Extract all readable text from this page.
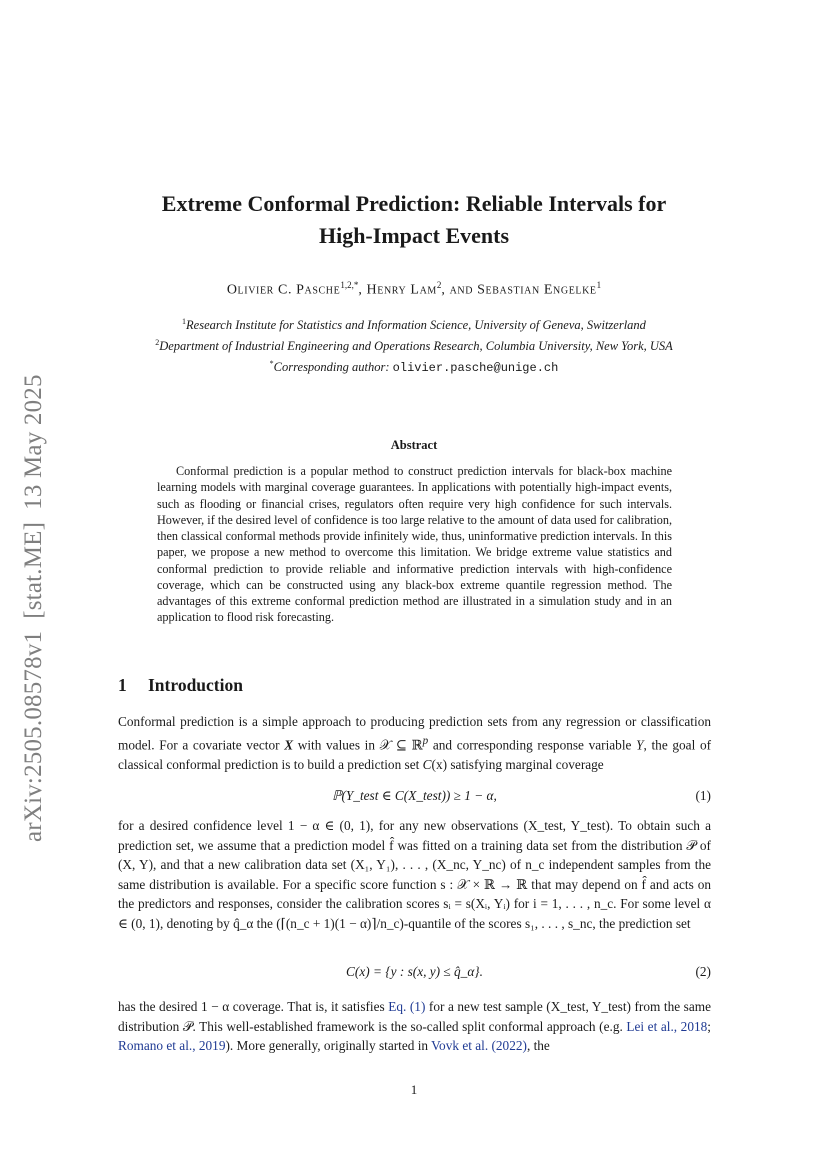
arXiv:2505.08578v1[stat.ME]13 May 2025
Extreme Conformal Prediction: Reliable Intervals for
High-Impact Events
Olivier C. Pasche$^{1,2,*}$, Henry Lam$^2$, and Sebastian Engelke$^1$
$^1$Research Institute for Statistics and Information Science, University of Geneva, Switzerland
$^2$Department of Industrial Engineering and Operations Research, Columbia University, New York, USA
*Corresponding author: olivier.pasche@unige.ch
Abstract

Conformal prediction is a popular method to construct prediction intervals for black-box machine learning models with marginal coverage guarantees. In applications with potentially high-impact events, such as flooding or financial crises, regulators often require very high confidence for such intervals. However, if the desired level of confidence is too large relative to the amount of data used for calibration, then classical conformal methods provide infinitely wide, thus, uninformative prediction intervals. In this paper, we propose a new method to overcome this limitation. We bridge extreme value statistics and conformal prediction to provide reliable and informative prediction intervals with high-confidence coverage, which can be constructed using any black-box extreme quantile regression method. The advantages of this extreme conformal prediction method are illustrated in a simulation study and in an application to flood risk forecasting.

1 Introduction

Conformal prediction is a simple approach to producing prediction sets from any regression or classification model. For a covariate vector X with values in 𝒳 ⊆ ℝ$^p$ and corresponding response variable Y, the goal of classical conformal prediction is to build a prediction set C(x) satisfying marginal coverage

ℙ(Y_test ∈ C(X_test)) ≥ 1 − α,	(1)

for a desired confidence level 1 − α ∈ (0, 1), for any new observations (X_test, Y_test). To obtain such a prediction set, we assume that a prediction model f̂ was fitted on a training data set from the distribution 𝒫 of (X, Y), and that a new calibration data set (X₁, Y₁), . . . , (X_nc, Y_nc) of n_c independent samples from the same distribution is available. For a specific score function s : 𝒳 × ℝ → ℝ that may depend on f̂ and acts on the predictors and responses, consider the calibration scores sᵢ = s(Xᵢ, Yᵢ) for i = 1, . . . , n_c. For some level α ∈ (0, 1), denoting by q̂_α the (⌈(n_c + 1)(1 − α)⌉/n_c)-quantile of the scores s₁, . . . , s_nc, the prediction set

C(x) = {y : s(x, y) ≤ q̂_α}.	(2)

has the desired 1 − α coverage. That is, it satisfies Eq. (1) for a new test sample (X_test, Y_test) from the same distribution 𝒫. This well-established framework is the so-called split conformal approach (e.g. Lei et al., 2018; Romano et al., 2019). More generally, originally started in Vovk et al. (2022), the

1
